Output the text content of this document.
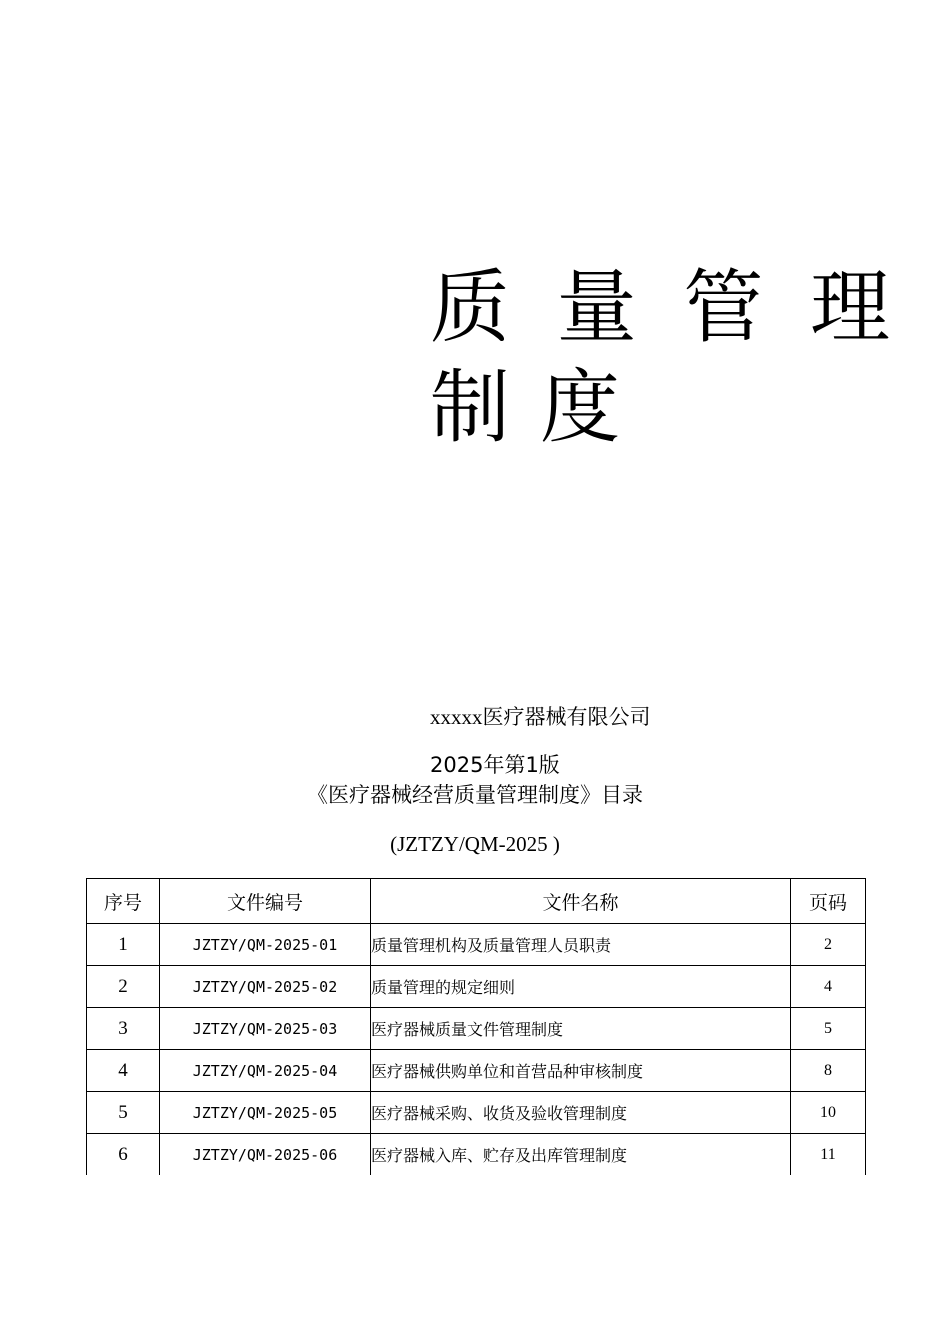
质量管理
制度
xxxxx医疗器械有限公司
2025年第1版
《医疗器械经营质量管理制度》目录
(JZTZY/QM-2025 )
序号	文件编号	文件名称	页码
1	JZTZY/QM-2025-01	质量管理机构及质量管理人员职责	2
2	JZTZY/QM-2025-02	质量管理的规定细则	4
3	JZTZY/QM-2025-03	医疗器械质量文件管理制度	5
4	JZTZY/QM-2025-04	医疗器械供购单位和首营品种审核制度	8
5	JZTZY/QM-2025-05	医疗器械采购、收货及验收管理制度	10
6	JZTZY/QM-2025-06	医疗器械入库、贮存及出库管理制度	11
